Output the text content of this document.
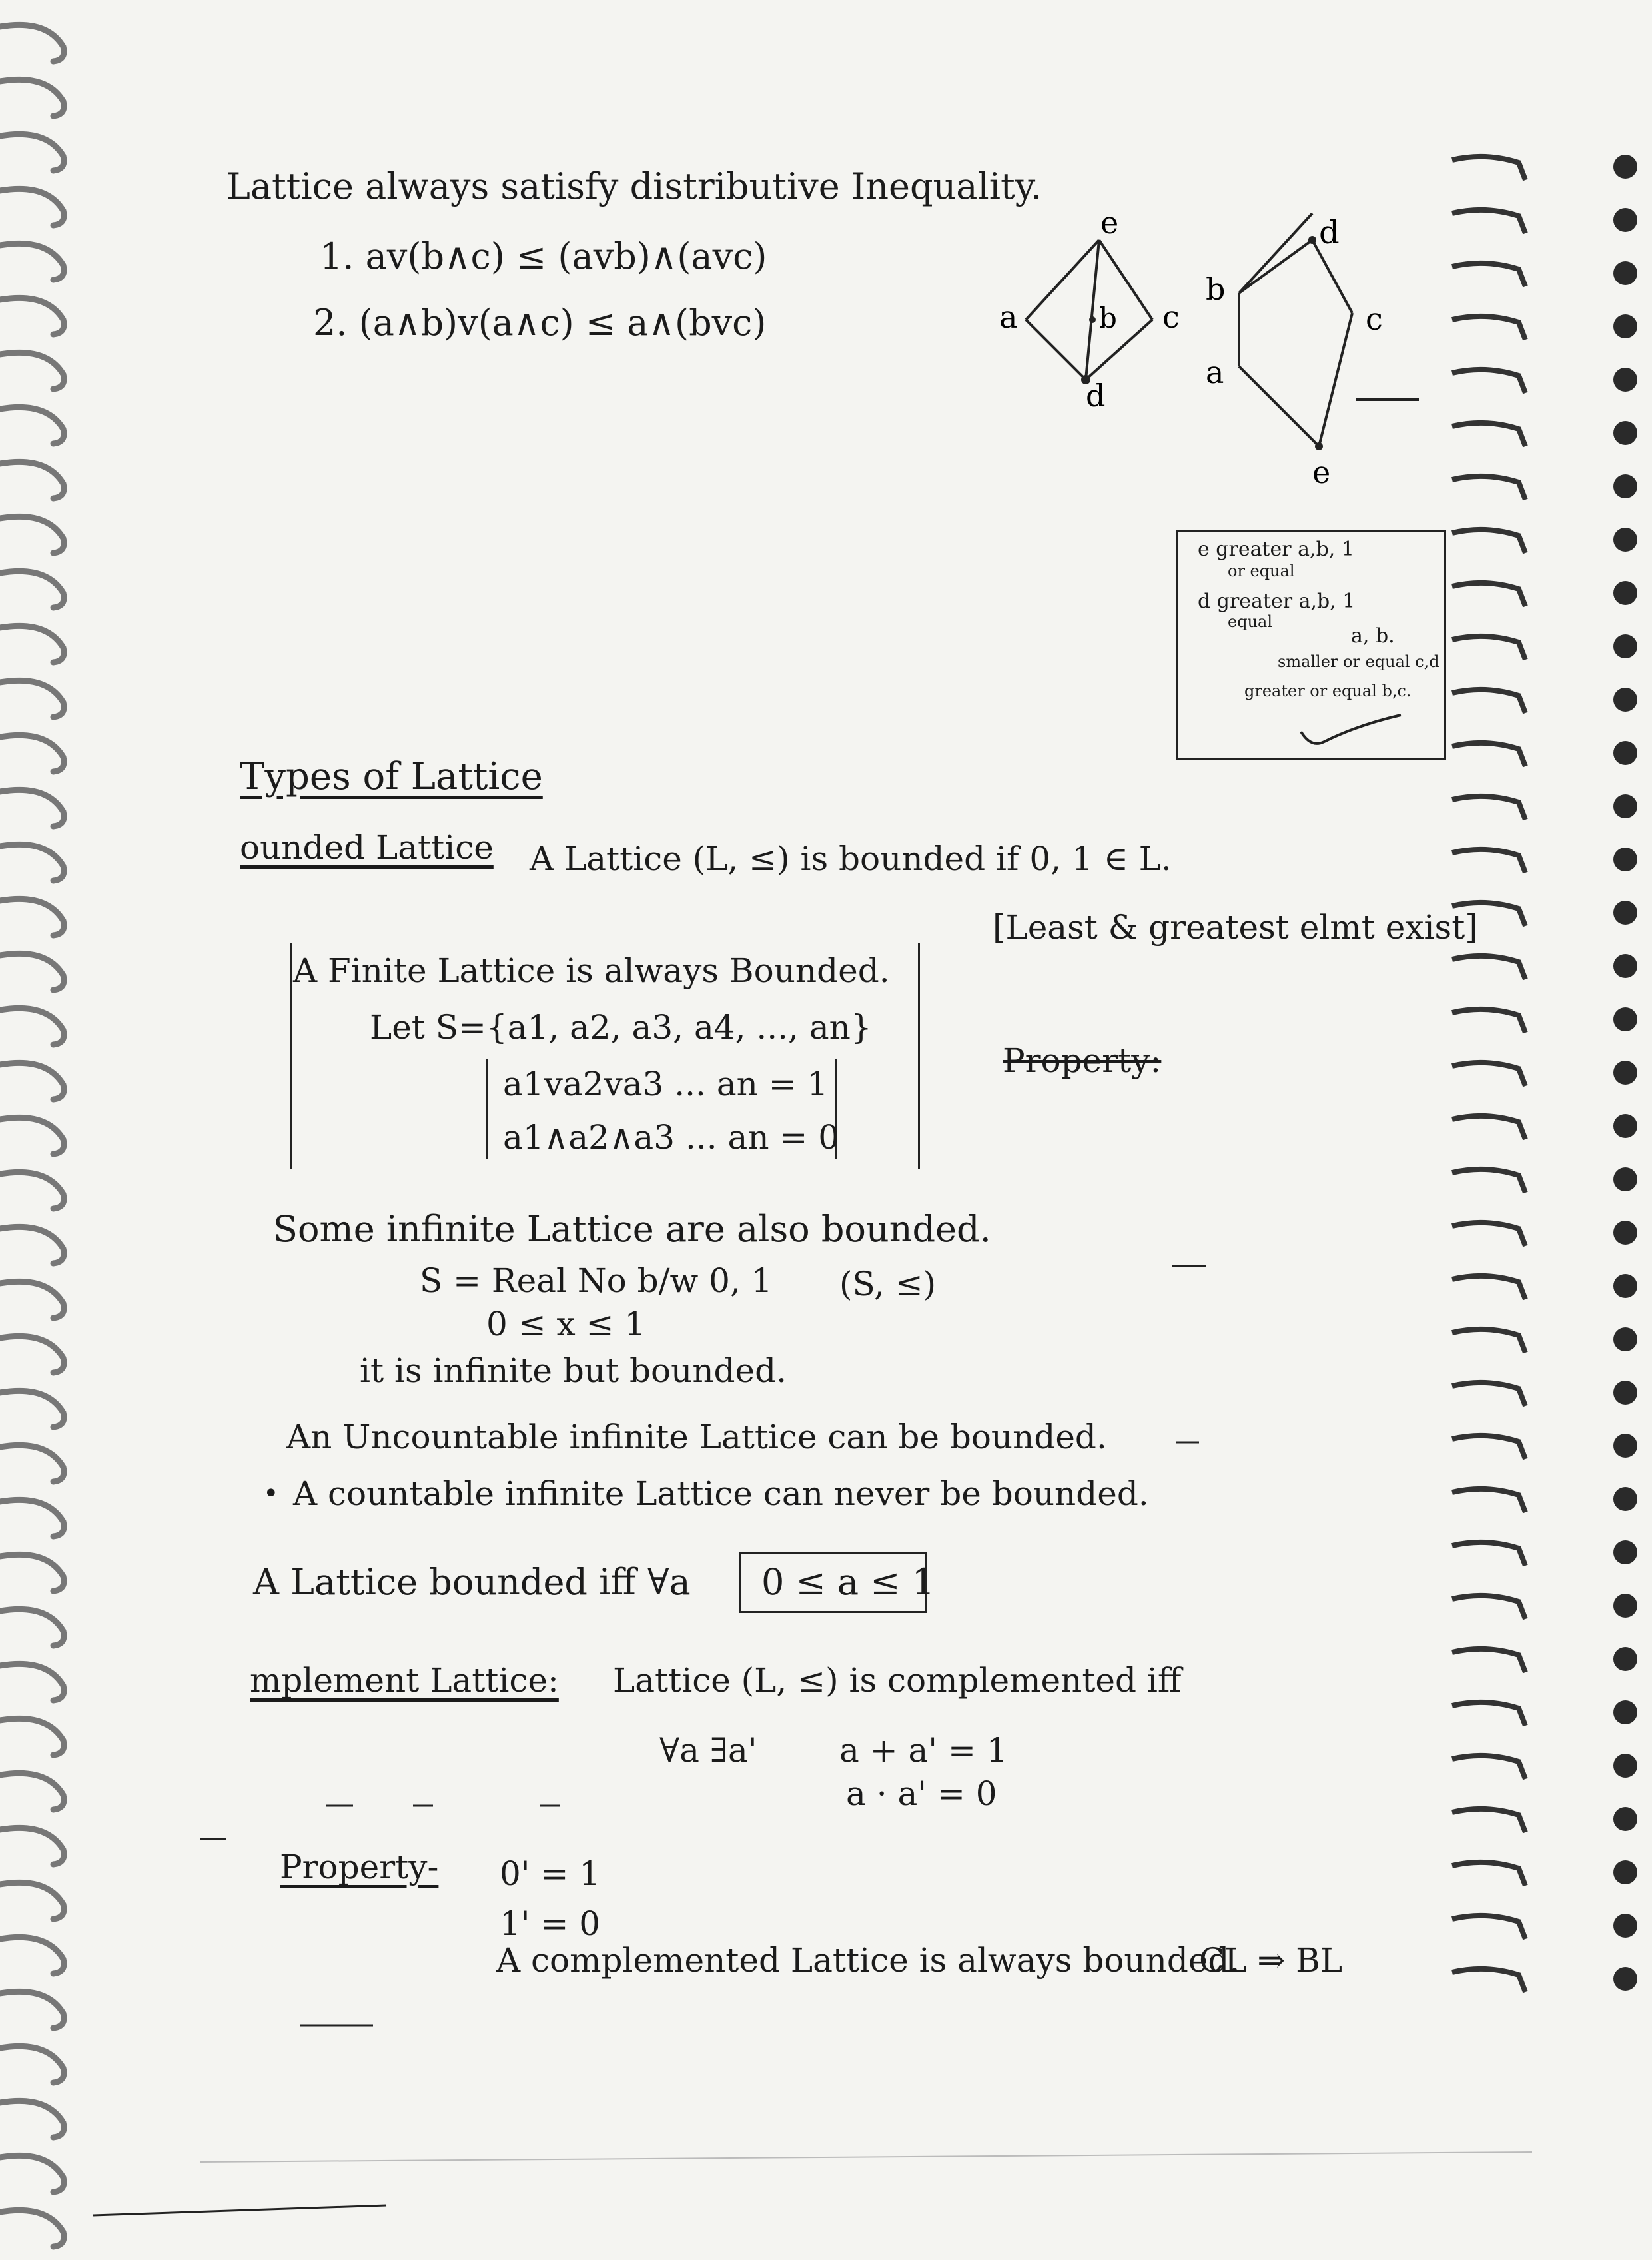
Lattice always satisfy distributive Inequality.
1. av(b∧c) ≤ (avb)∧(avc)
2. (a∧b)v(a∧c) ≤ a∧(bvc)
e
a	b c
d
d
b
c
a
e
e greater a,b, 1
or equal
d greater a,b, 1
equal
a, b.
smaller or equal c,d
greater or equal b,c.
Types of Lattice
ounded Lattice A Lattice (L, ≤) is bounded if 0, 1 ∈ L.
[Least & greatest elmt exist]
A Finite Lattice is always Bounded.
Let S={a1, a2, a3, a4, ..., an}
a1va2va3 ... an = 1
a1∧a2∧a3 ... an = 0
Property:
Some infinite Lattice are also bounded.
S = Real No b/w 0, 1 (S, ≤)
0 ≤ x ≤ 1
it is infinite but bounded.
An Uncountable infinite Lattice can be bounded.
A countable infinite Lattice can never be bounded.
•
A Lattice bounded iff ∀a 0 ≤ a ≤ 1
mplement Lattice: Lattice (L, ≤) is complemented iff
∀a ∃a' a + a' = 1
a · a' = 0
Property- 0' = 1
1' = 0
A complemented Lattice is always bounded.
CL ⇒ BL
